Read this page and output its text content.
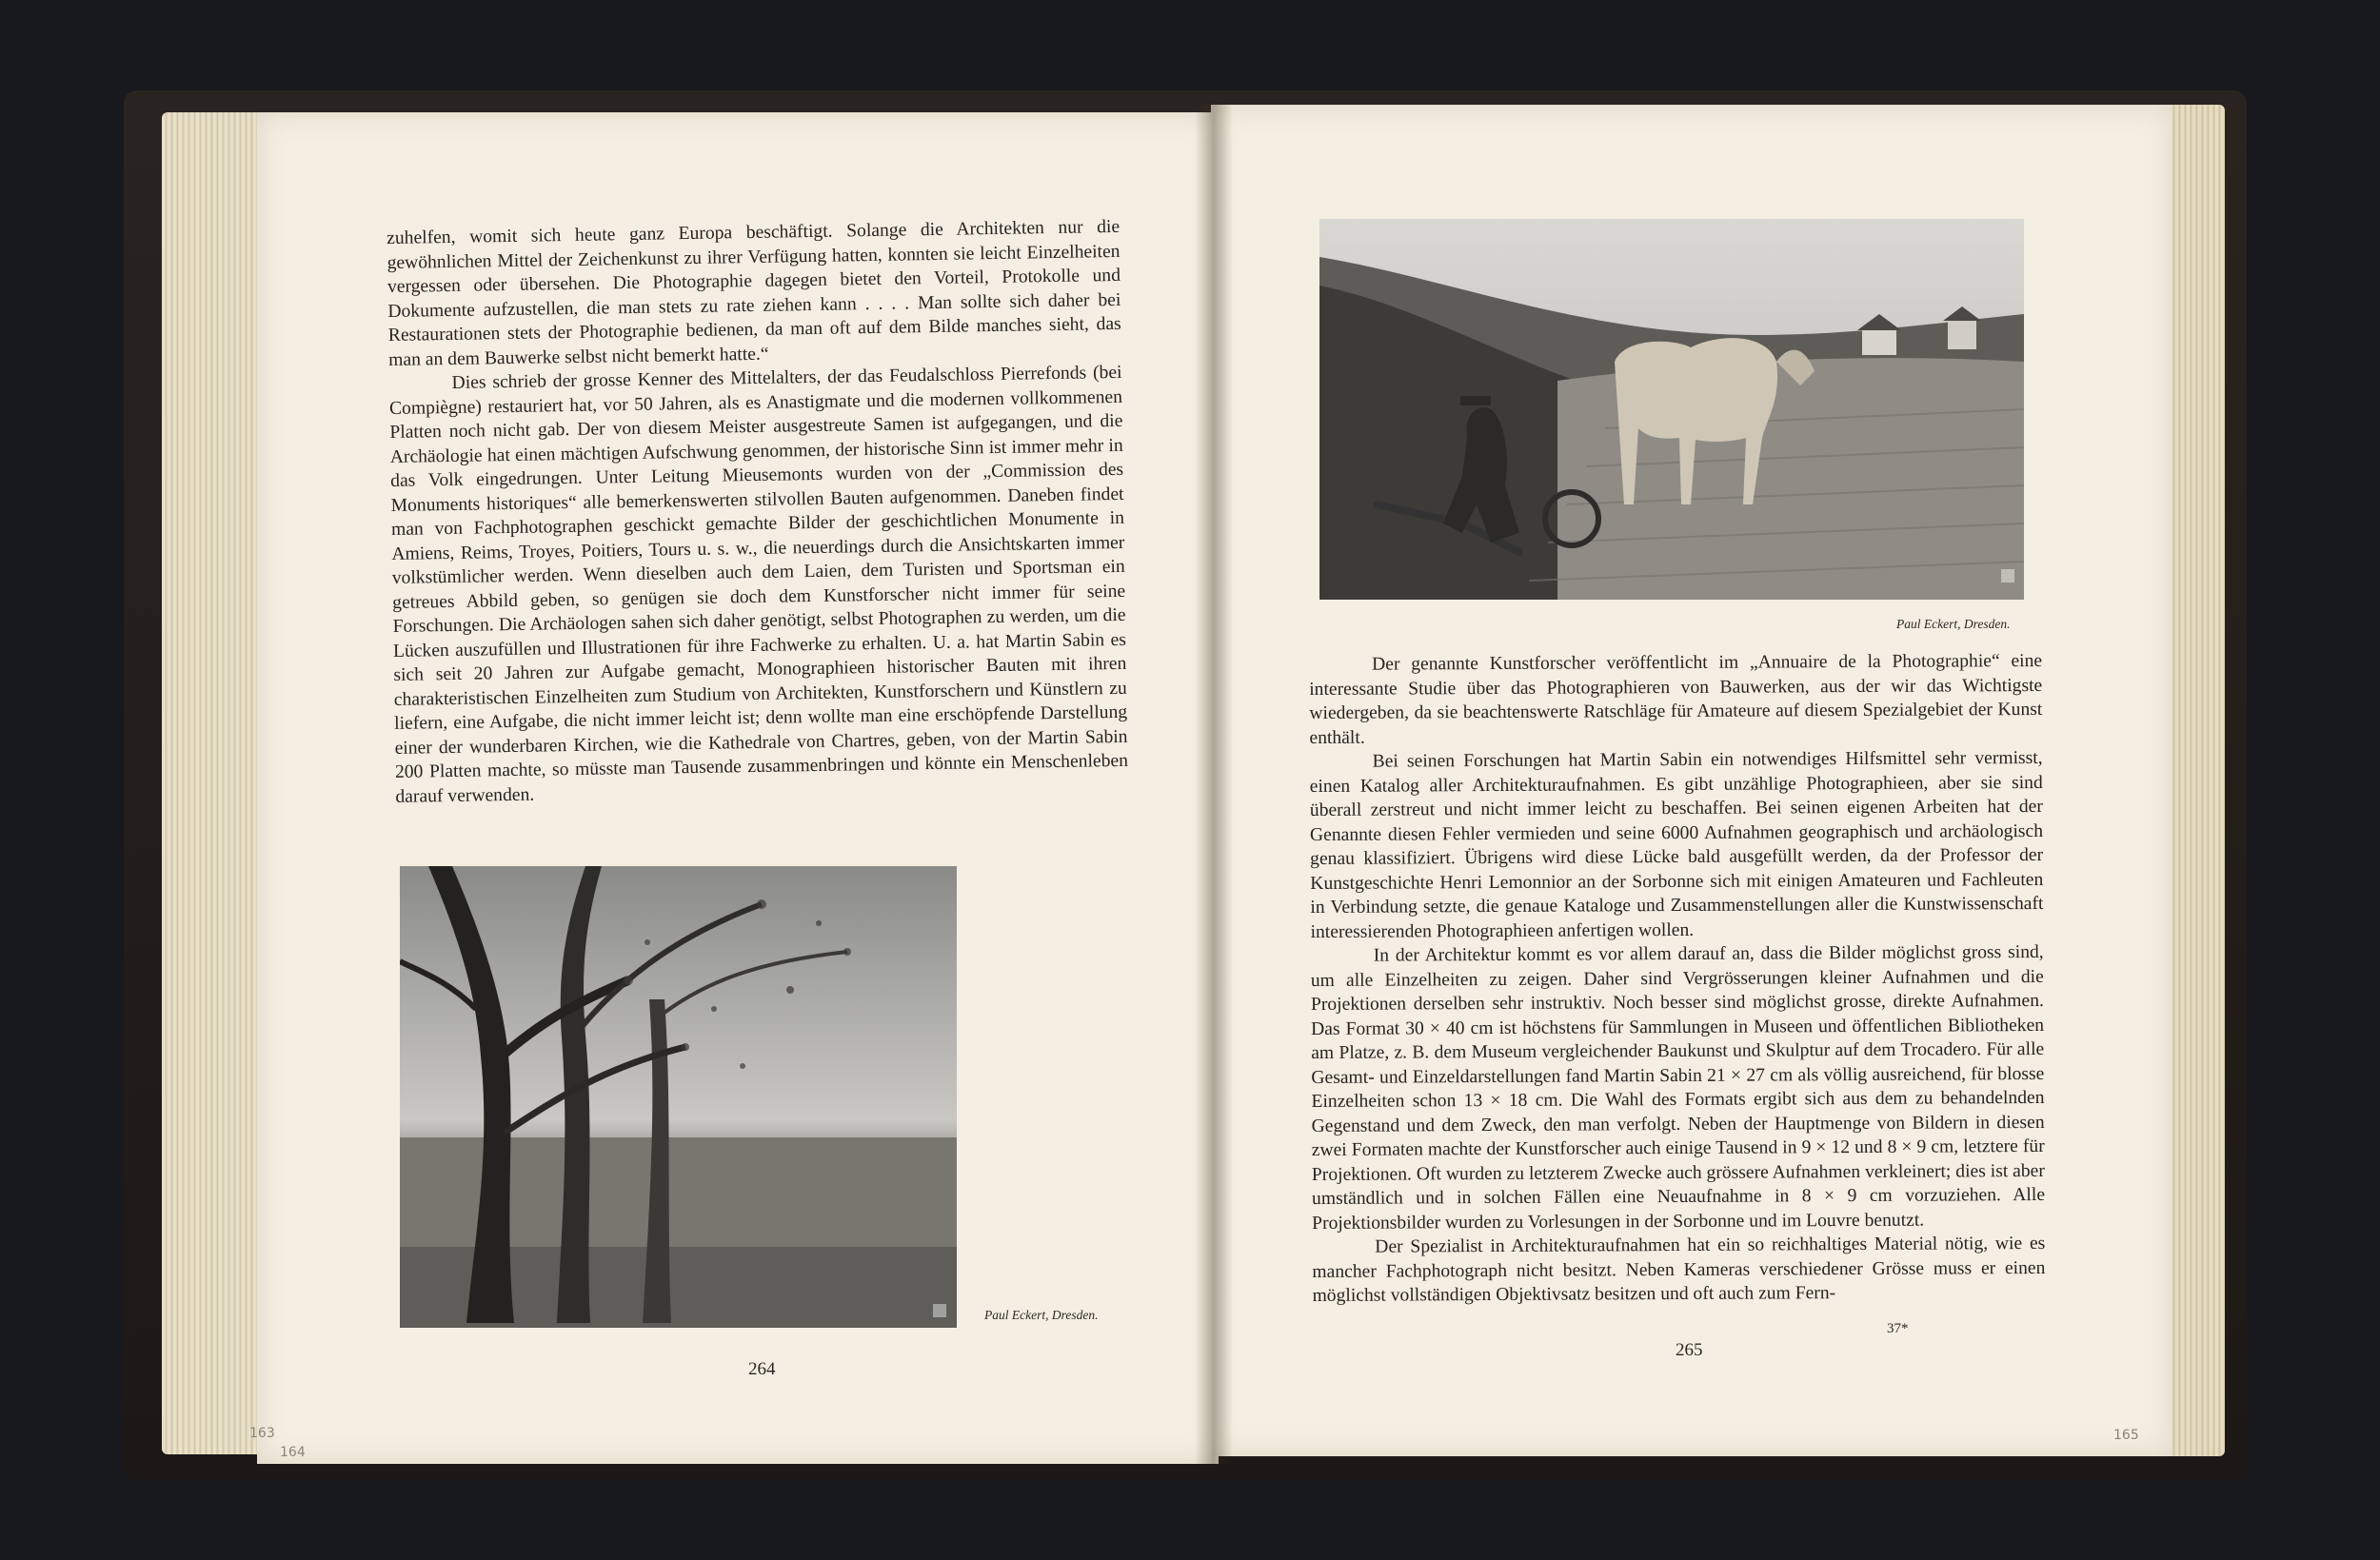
zuhelfen, womit sich heute ganz Europa beschäftigt. Solange die Architekten nur die gewöhnlichen Mittel der Zeichenkunst zu ihrer Verfügung hatten, konnten sie leicht Einzelheiten vergessen oder übersehen. Die Photographie dagegen bietet den Vorteil, Protokolle und Dokumente aufzustellen, die man stets zu rate ziehen kann . . . . Man sollte sich daher bei Restaurationen stets der Photographie bedienen, da man oft auf dem Bilde manches sieht, das man an dem Bauwerke selbst nicht bemerkt hatte.“

Dies schrieb der grosse Kenner des Mittelalters, der das Feudalschloss Pierrefonds (bei Compiègne) restauriert hat, vor 50 Jahren, als es Anastigmate und die modernen vollkommenen Platten noch nicht gab. Der von diesem Meister ausgestreute Samen ist aufgegangen, und die Archäologie hat einen mächtigen Aufschwung genommen, der historische Sinn ist immer mehr in das Volk eingedrungen. Unter Leitung Mieusemonts wurden von der „Commission des Monuments historiques“ alle bemerkenswerten stilvollen Bauten aufgenommen. Daneben findet man von Fachphotographen geschickt gemachte Bilder der geschichtlichen Monumente in Amiens, Reims, Troyes, Poitiers, Tours u. s. w., die neuerdings durch die Ansichtskarten immer volkstümlicher werden. Wenn dieselben auch dem Laien, dem Turisten und Sportsman ein getreues Abbild geben, so genügen sie doch dem Kunstforscher nicht immer für seine Forschungen. Die Archäologen sahen sich daher genötigt, selbst Photographen zu werden, um die Lücken auszufüllen und Illustrationen für ihre Fachwerke zu erhalten. U. a. hat Martin Sabin es sich seit 20 Jahren zur Aufgabe gemacht, Monographieen historischer Bauten mit ihren charakteristischen Einzelheiten zum Studium von Architekten, Kunstforschern und Künstlern zu liefern, eine Aufgabe, die nicht immer leicht ist; denn wollte man eine erschöpfende Darstellung einer der wunderbaren Kirchen, wie die Kathedrale von Chartres, geben, von der Martin Sabin 200 Platten machte, so müsste man Tausende zusammenbringen und könnte ein Menschenleben darauf verwenden.

Paul Eckert, Dresden.
264
Paul Eckert, Dresden.

Der genannte Kunstforscher veröffentlicht im „Annuaire de la Photographie“ eine interessante Studie über das Photographieren von Bauwerken, aus der wir das Wichtigste wiedergeben, da sie beachtenswerte Ratschläge für Amateure auf diesem Spezialgebiet der Kunst enthält.

Bei seinen Forschungen hat Martin Sabin ein notwendiges Hilfsmittel sehr vermisst, einen Katalog aller Architekturaufnahmen. Es gibt unzählige Photographieen, aber sie sind überall zerstreut und nicht immer leicht zu beschaffen. Bei seinen eigenen Arbeiten hat der Genannte diesen Fehler vermieden und seine 6000 Aufnahmen geographisch und archäologisch genau klassifiziert. Übrigens wird diese Lücke bald ausgefüllt werden, da der Professor der Kunstgeschichte Henri Lemonnior an der Sorbonne sich mit einigen Amateuren und Fachleuten in Verbindung setzte, die genaue Kataloge und Zusammenstellungen aller die Kunstwissenschaft interessierenden Photographieen anfertigen wollen.

In der Architektur kommt es vor allem darauf an, dass die Bilder möglichst gross sind, um alle Einzelheiten zu zeigen. Daher sind Vergrösserungen kleiner Aufnahmen und die Projektionen derselben sehr instruktiv. Noch besser sind möglichst grosse, direkte Aufnahmen. Das Format 30 × 40 cm ist höchstens für Sammlungen in Museen und öffentlichen Bibliotheken am Platze, z. B. dem Museum vergleichender Baukunst und Skulptur auf dem Trocadero. Für alle Gesamt- und Einzeldarstellungen fand Martin Sabin 21 × 27 cm als völlig ausreichend, für blosse Einzelheiten schon 13 × 18 cm. Die Wahl des Formats ergibt sich aus dem zu behandelnden Gegenstand und dem Zweck, den man verfolgt. Neben der Hauptmenge von Bildern in diesen zwei Formaten machte der Kunstforscher auch einige Tausend in 9 × 12 und 8 × 9 cm, letztere für Projektionen. Oft wurden zu letzterem Zwecke auch grössere Aufnahmen verkleinert; dies ist aber umständlich und in solchen Fällen eine Neuaufnahme in 8 × 9 cm vorzuziehen. Alle Projektionsbilder wurden zu Vorlesungen in der Sorbonne und im Louvre benutzt.

Der Spezialist in Architekturaufnahmen hat ein so reichhaltiges Material nötig, wie es mancher Fachphotograph nicht besitzt. Neben Kameras verschiedener Grösse muss er einen möglichst vollständigen Objektivsatz besitzen und oft auch zum Fern-

37*
265
163
164
165
